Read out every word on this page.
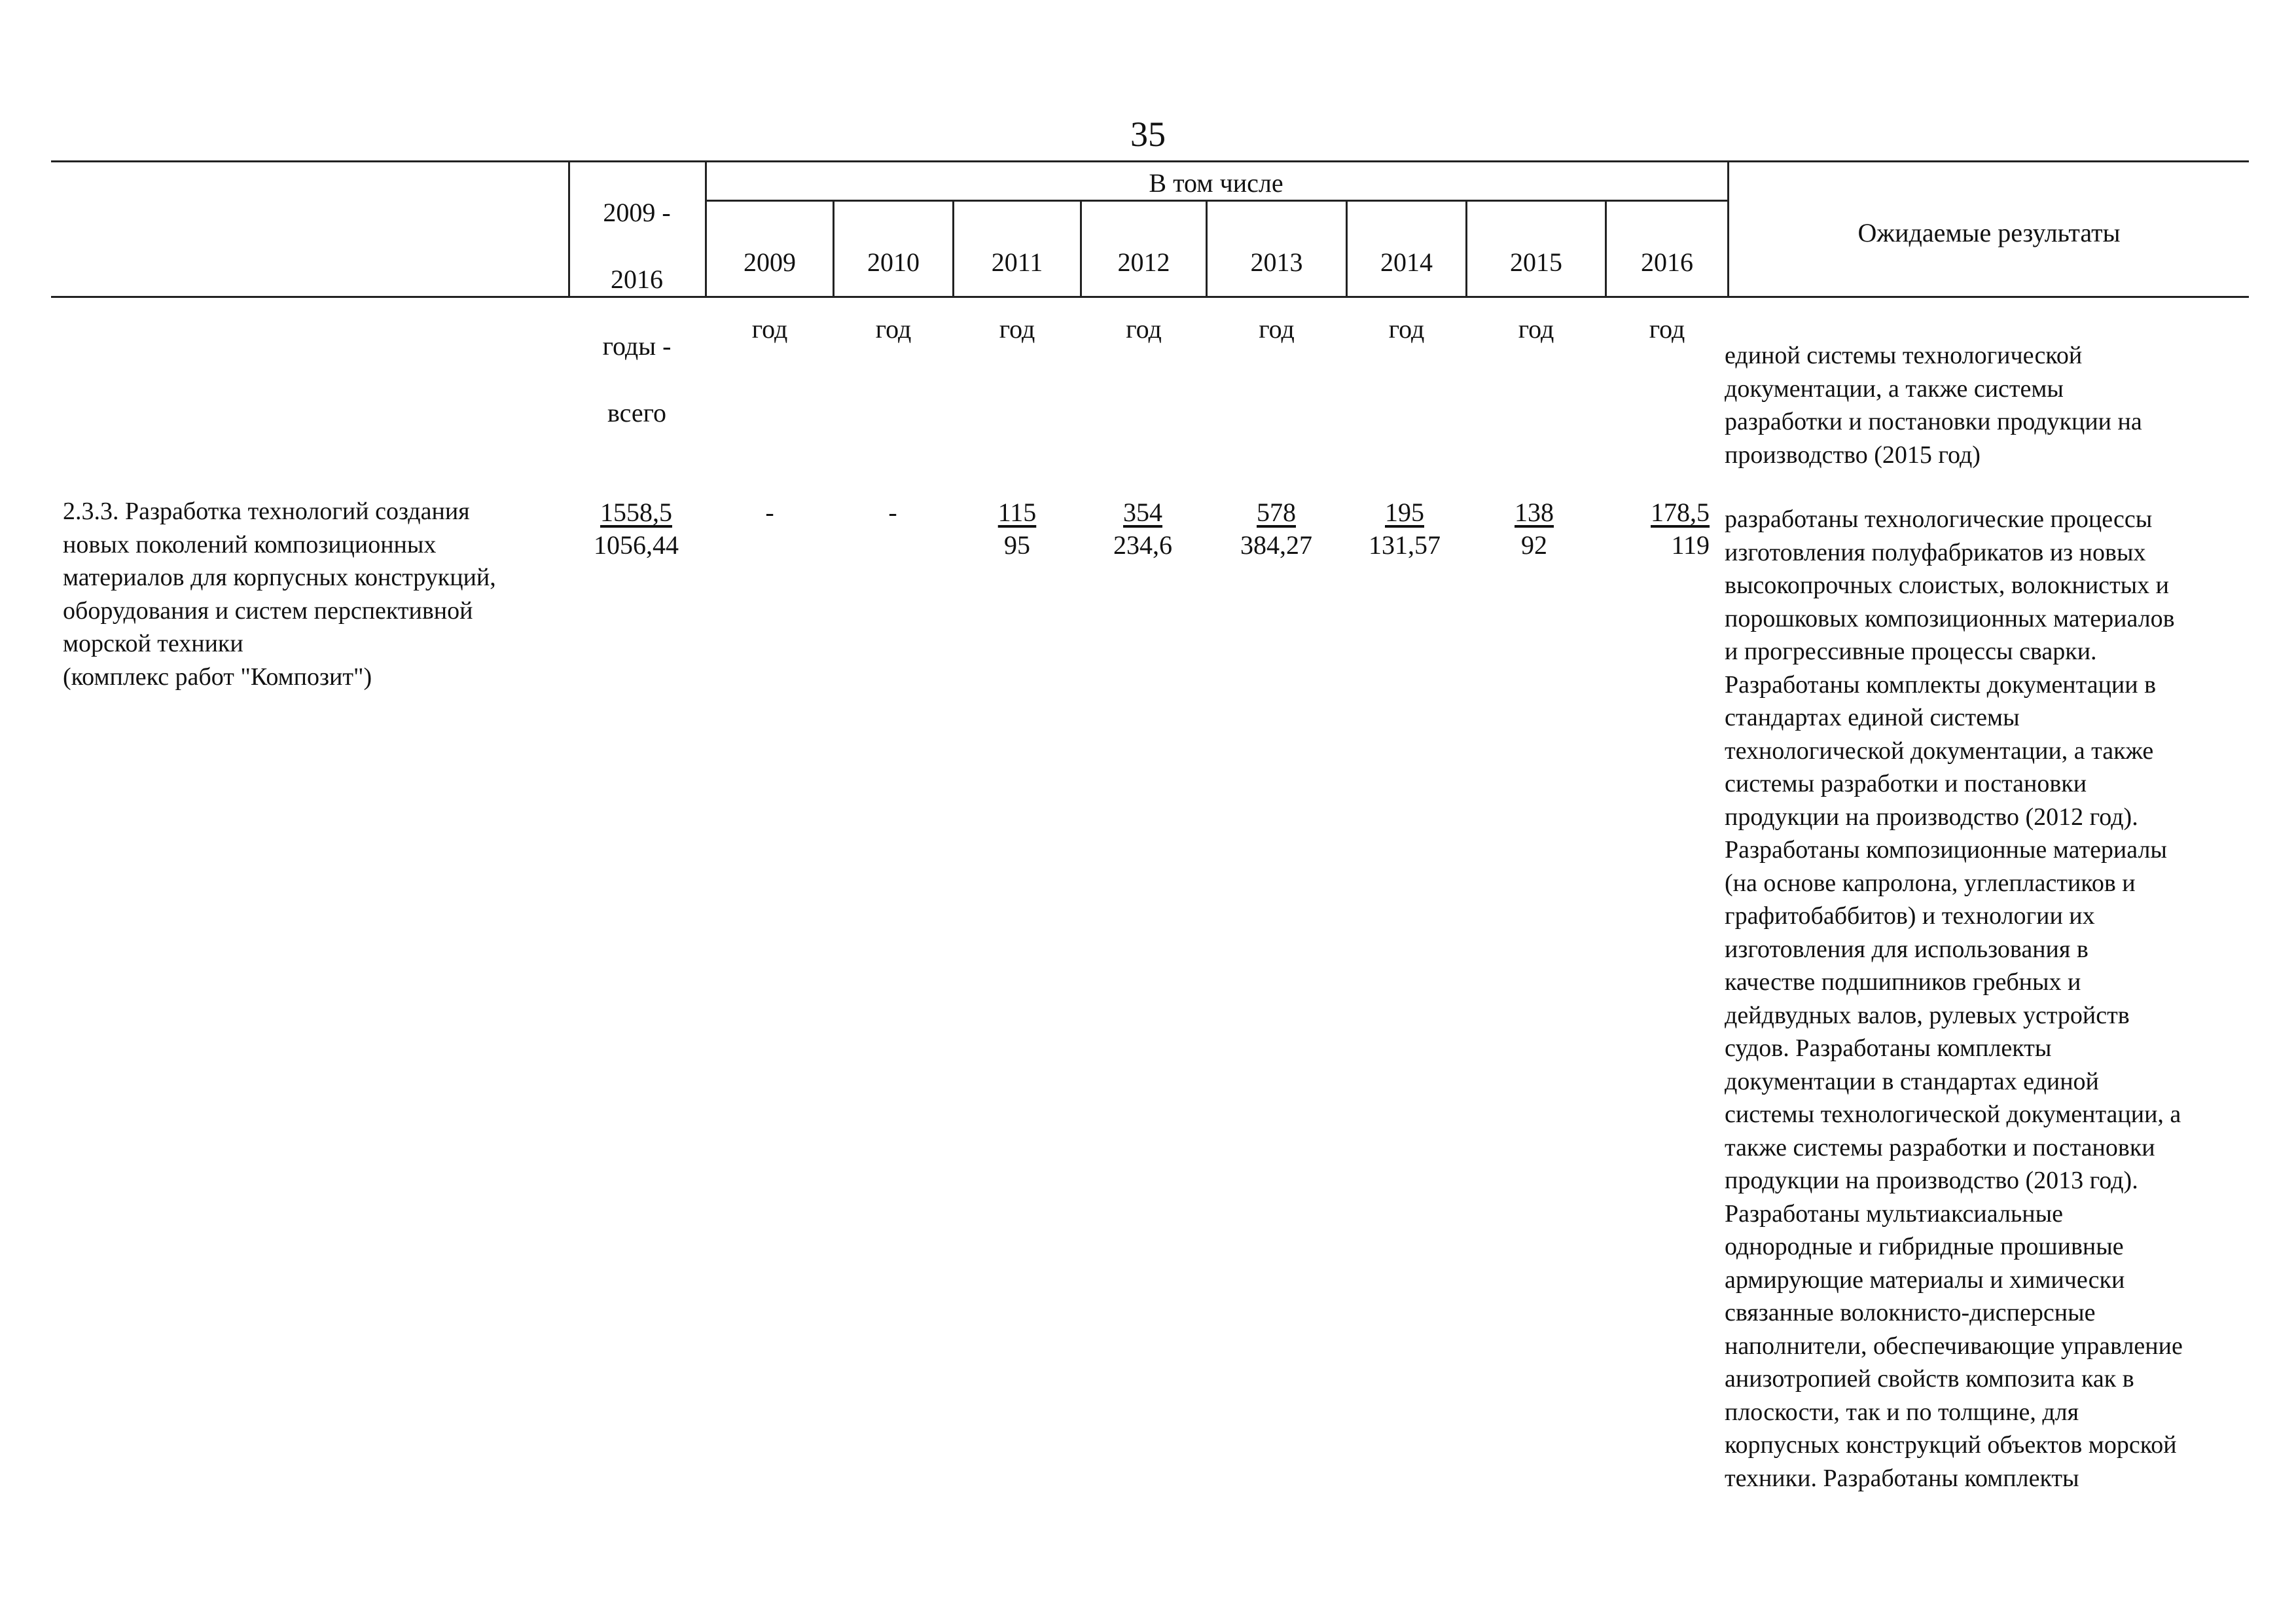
35

2009 -

2016

годы -

всего

В том числе

2009

год

2010

год

2011

год

2012

год

2013

год

2014

год

2015

год

2016

год

Ожидаемые результаты
единой системы технологической
документации, а также системы
разработки и постановки продукции на
производство (2015 год)
2.3.3. Разработка технологий создания
новых поколений композиционных
материалов для корпусных конструкций,
оборудования и систем перспективной
морской техники
(комплекс работ "Композит")
1558,5
1056,44
-	-	115
95
354
234,6
578
384,27
195
131,57
138
92
178,5
119
разработаны технологические процессы
изготовления полуфабрикатов из новых
высокопрочных слоистых, волокнистых и
порошковых композиционных материалов
и прогрессивные процессы сварки.
Разработаны комплекты документации в
стандартах единой системы
технологической документации, а также
системы разработки и постановки
продукции на производство (2012 год).
Разработаны композиционные материалы
(на основе капролона, углепластиков и
графитобаббитов) и технологии их
изготовления для использования в
качестве подшипников гребных и
дейдвудных валов, рулевых устройств
судов. Разработаны комплекты
документации в стандартах единой
системы технологической документации, а
также системы разработки и постановки
продукции на производство (2013 год).
Разработаны мультиаксиальные
однородные и гибридные прошивные
армирующие материалы и химически
связанные волокнисто-дисперсные
наполнители, обеспечивающие управление
анизотропией свойств композита как в
плоскости, так и по толщине, для
корпусных конструкций объектов морской
техники. Разработаны комплекты
